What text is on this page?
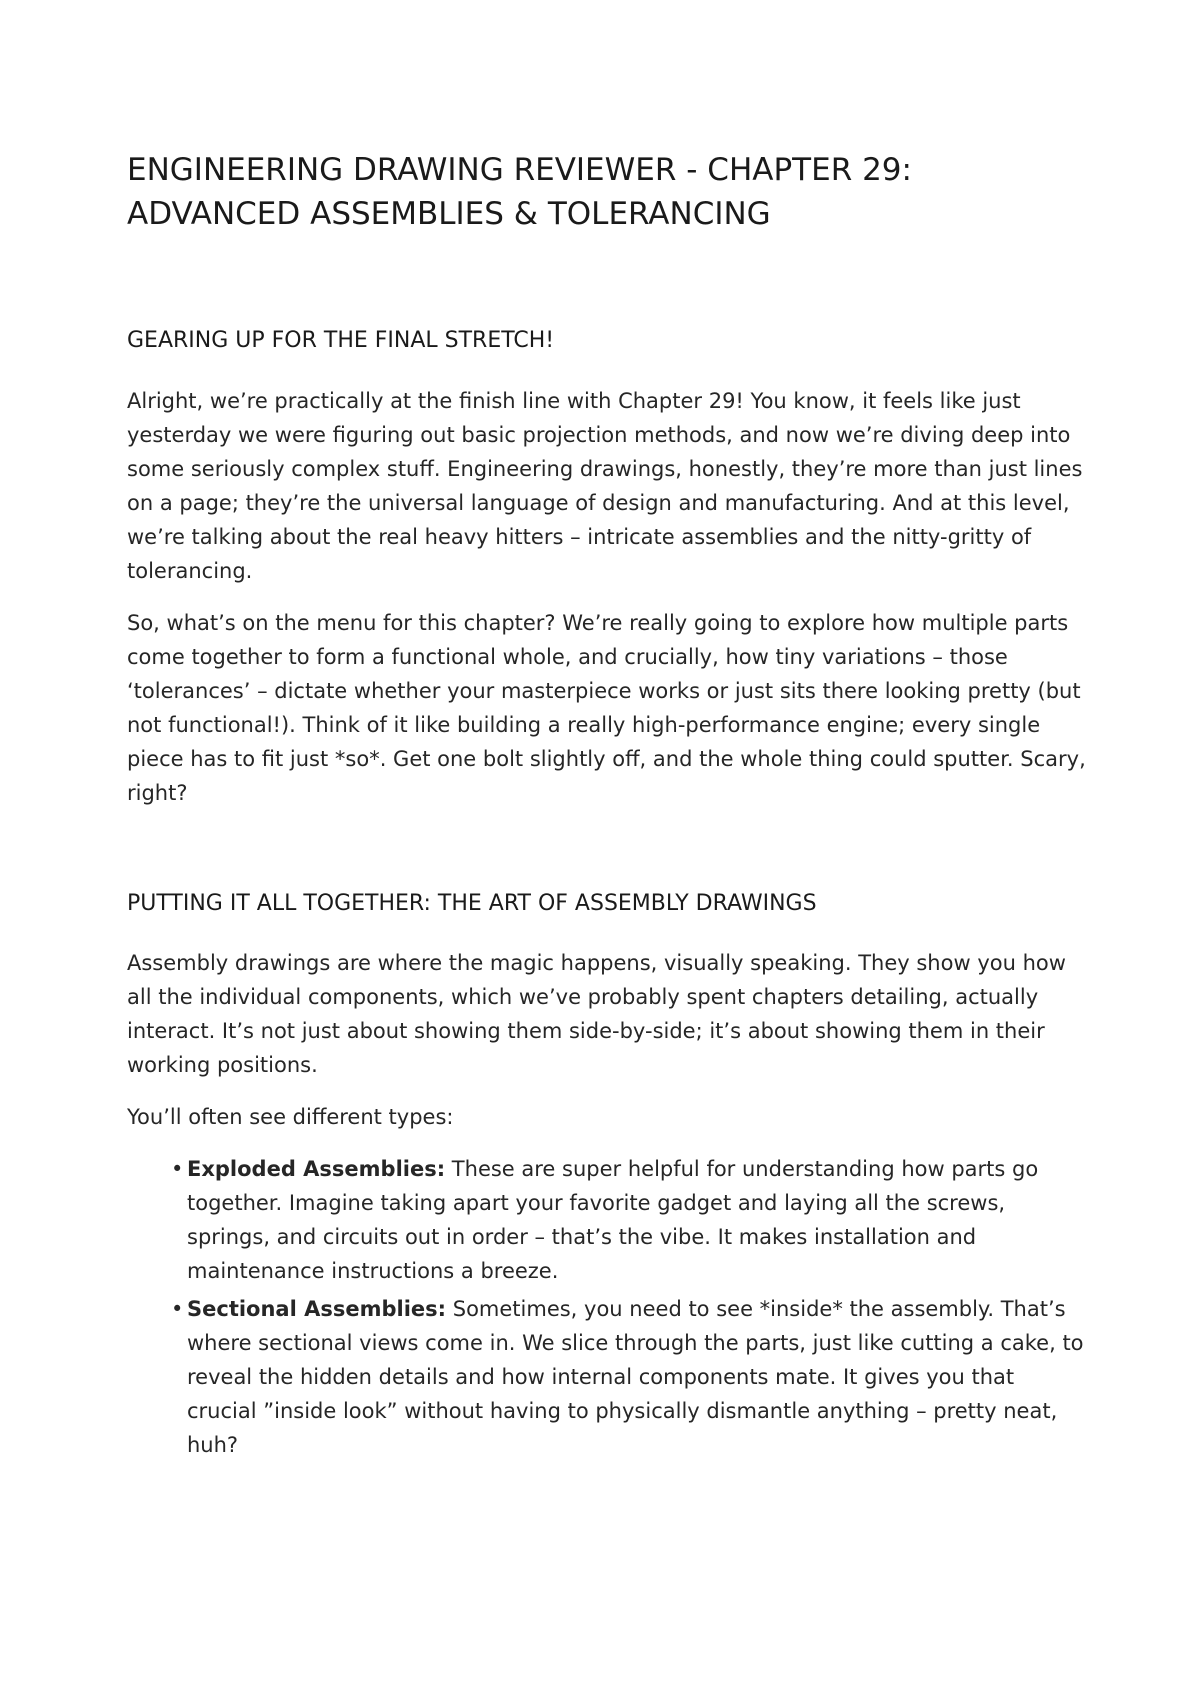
ENGINEERING DRAWING REVIEWER - CHAPTER 29:
ADVANCED ASSEMBLIES & TOLERANCING
GEARING UP FOR THE FINAL STRETCH!

Alright, we’re practically at the finish line with Chapter 29! You know, it feels like just yesterday we were figuring out basic projection methods, and now we’re diving deep into some seriously complex stuff. Engineering drawings, honestly, they’re more than just lines on a page; they’re the universal language of design and manufacturing. And at this level, we’re talking about the real heavy hitters – intricate assemblies and the nitty-gritty of tolerancing.

So, what’s on the menu for this chapter? We’re really going to explore how multiple parts come together to form a functional whole, and crucially, how tiny variations – those ‘tolerances’ – dictate whether your masterpiece works or just sits there looking pretty (but not functional!). Think of it like building a really high-performance engine; every single piece has to fit just *so*. Get one bolt slightly off, and the whole thing could sputter. Scary, right?

PUTTING IT ALL TOGETHER: THE ART OF ASSEMBLY DRAWINGS

Assembly drawings are where the magic happens, visually speaking. They show you how all the individual components, which we’ve probably spent chapters detailing, actually interact. It’s not just about showing them side-by-side; it’s about showing them in their working positions.

You’ll often see different types:

• Exploded Assemblies: These are super helpful for understanding how parts go together. Imagine taking apart your favorite gadget and laying all the screws, springs, and circuits out in order – that’s the vibe. It makes installation and maintenance instructions a breeze.
• Sectional Assemblies: Sometimes, you need to see *inside* the assembly. That’s where sectional views come in. We slice through the parts, just like cutting a cake, to reveal the hidden details and how internal components mate. It gives you that crucial ”inside look” without having to physically dismantle anything – pretty neat, huh?
